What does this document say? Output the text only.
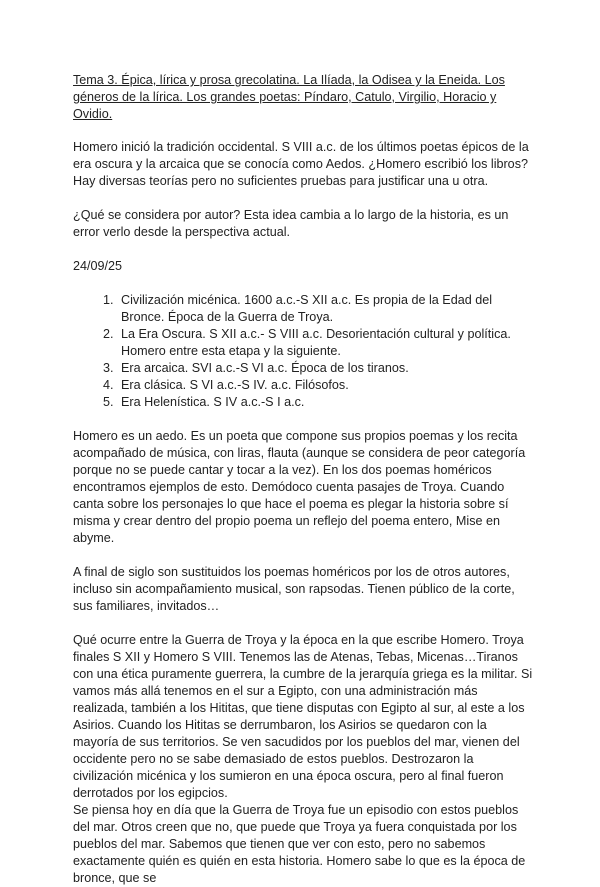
Tema 3. Épica, lírica y prosa grecolatina. La Ilíada, la Odisea y la Eneida. Los géneros de la lírica. Los grandes poetas: Píndaro, Catulo, Virgilio, Horacio y Ovidio.

Homero inició la tradición occidental. S VIII a.c. de los últimos poetas épicos de la era oscura y la arcaica que se conocía como Aedos. ¿Homero escribió los libros? Hay diversas teorías pero no suficientes pruebas para justificar una u otra.

¿Qué se considera por autor? Esta idea cambia a lo largo de la historia, es un error verlo desde la perspectiva actual.

24/09/25

1. Civilización micénica. 1600 a.c.-S XII a.c. Es propia de la Edad del Bronce. Época de la Guerra de Troya.
2. La Era Oscura. S XII a.c.- S VIII a.c. Desorientación cultural y política. Homero entre esta etapa y la siguiente.
3. Era arcaica. SVI a.c.-S VI a.c. Época de los tiranos.
4. Era clásica. S VI a.c.-S IV. a.c. Filósofos.
5. Era Helenística. S IV a.c.-S I a.c.

Homero es un aedo. Es un poeta que compone sus propios poemas y los recita acompañado de música, con liras, flauta (aunque se considera de peor categoría porque no se puede cantar y tocar a la vez). En los dos poemas homéricos encontramos ejemplos de esto. Demódoco cuenta pasajes de Troya. Cuando canta sobre los personajes lo que hace el poema es plegar la historia sobre sí misma y crear dentro del propio poema un reflejo del poema entero, Mise en abyme.

A final de siglo son sustituidos los poemas homéricos por los de otros autores, incluso sin acompañamiento musical, son rapsodas. Tienen público de la corte, sus familiares, invitados…

Qué ocurre entre la Guerra de Troya y la época en la que escribe Homero. Troya finales S XII y Homero S VIII. Tenemos las de Atenas, Tebas, Micenas…Tiranos con una ética puramente guerrera, la cumbre de la jerarquía griega es la militar. Si vamos más allá tenemos en el sur a Egipto, con una administración más realizada, también a los Hititas, que tiene disputas con Egipto al sur, al este a los Asirios. Cuando los Hititas se derrumbaron, los Asirios se quedaron con la mayoría de sus territorios. Se ven sacudidos por los pueblos del mar, vienen del occidente pero no se sabe demasiado de estos pueblos. Destrozaron la civilización micénica y los sumieron en una época oscura, pero al final fueron derrotados por los egipcios.

Se piensa hoy en día que la Guerra de Troya fue un episodio con estos pueblos del mar. Otros creen que no, que puede que Troya ya fuera conquistada por los pueblos del mar. Sabemos que tienen que ver con esto, pero no sabemos exactamente quién es quién en esta historia. Homero sabe lo que es la época de bronce, que se
